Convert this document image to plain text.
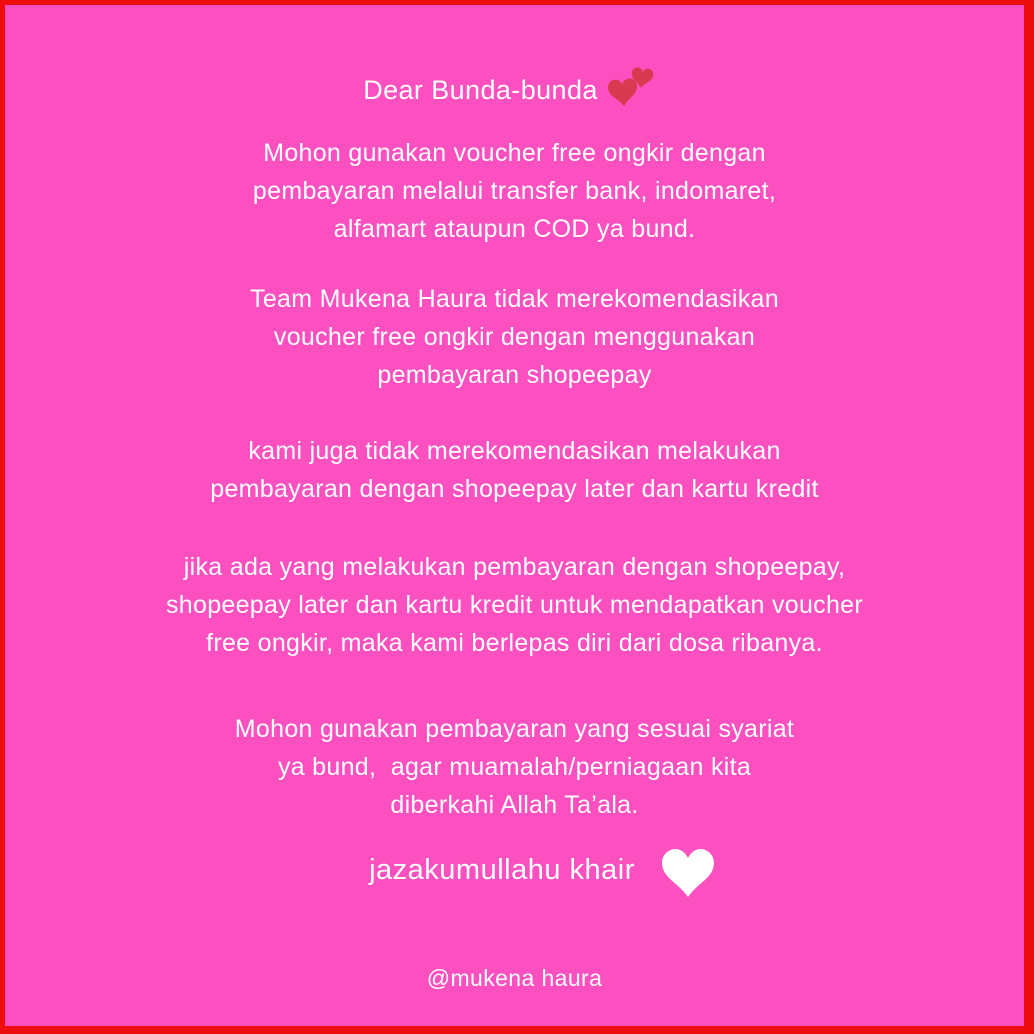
Dear Bunda-bunda
Mohon gunakan voucher free ongkir dengan
pembayaran melalui transfer bank, indomaret,
alfamart ataupun COD ya bund.
Team Mukena Haura tidak merekomendasikan
voucher free ongkir dengan menggunakan
pembayaran shopeepay
kami juga tidak merekomendasikan melakukan
pembayaran dengan shopeepay later dan kartu kredit
jika ada yang melakukan pembayaran dengan shopeepay,
shopeepay later dan kartu kredit untuk mendapatkan voucher
free ongkir, maka kami berlepas diri dari dosa ribanya.
Mohon gunakan pembayaran yang sesuai syariat
ya bund,  agar muamalah/perniagaan kita
diberkahi Allah Ta’ala.
jazakumullahu khair
@mukena haura
